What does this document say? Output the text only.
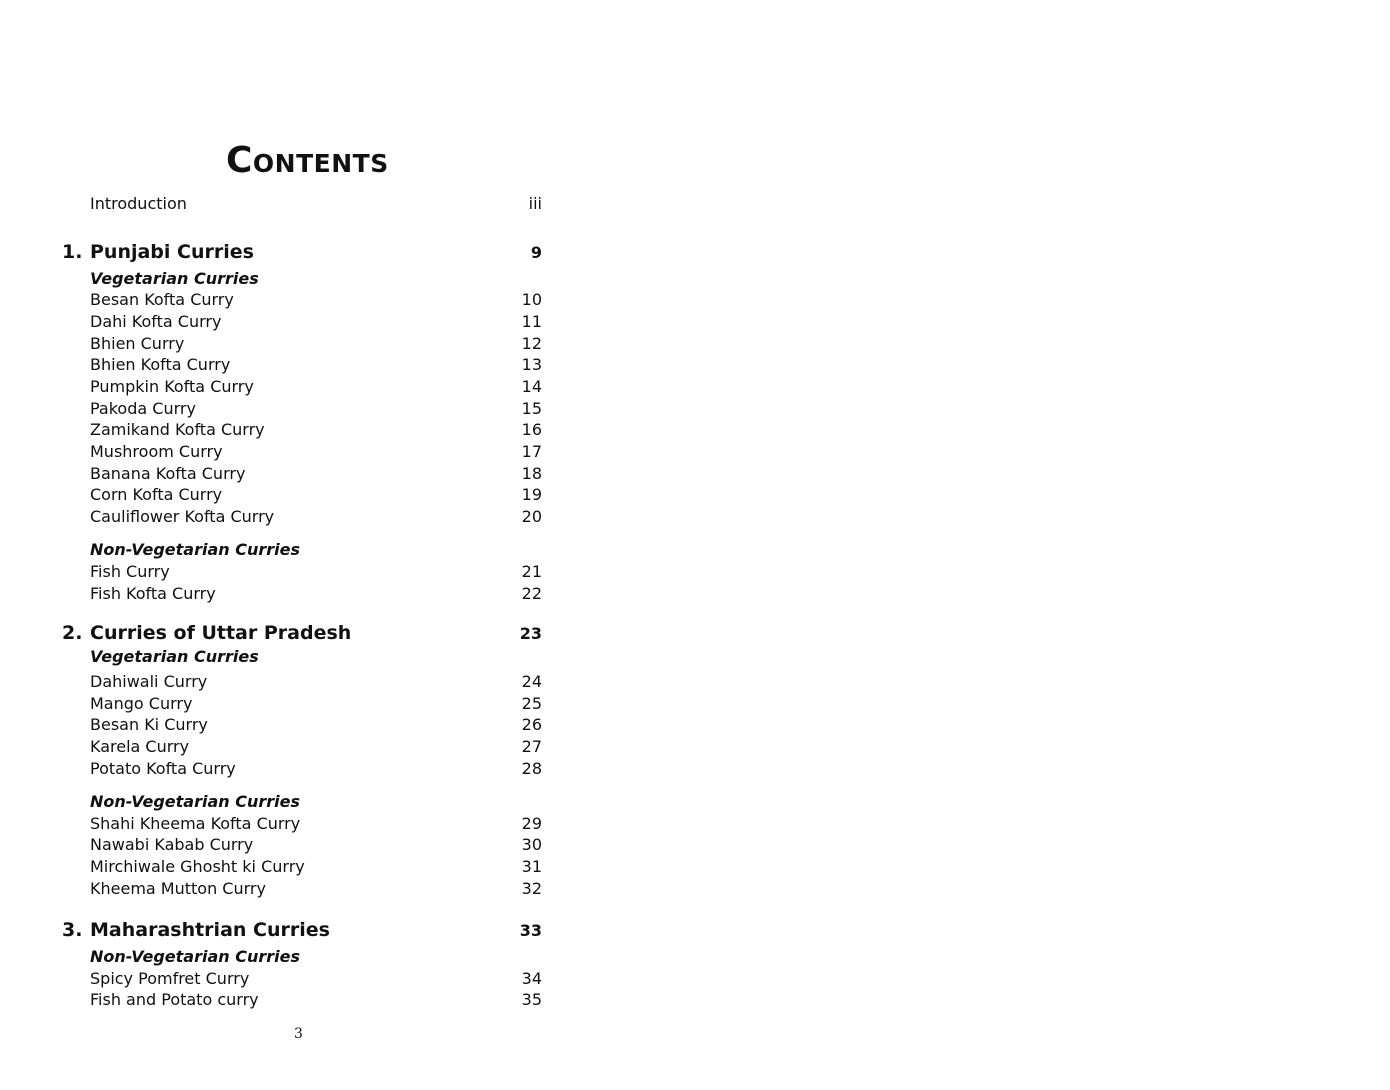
Contents
Introduction	iii
1. Punjabi Curries	9
Vegetarian Curries
Besan Kofta Curry	10
Dahi Kofta Curry	11
Bhien Curry	12
Bhien Kofta Curry	13
Pumpkin Kofta Curry	14
Pakoda Curry	15
Zamikand Kofta Curry	16
Mushroom Curry	17
Banana Kofta Curry	18
Corn Kofta Curry	19
Cauliflower Kofta Curry	20
Non-Vegetarian Curries
Fish Curry	21
Fish Kofta Curry	22
2. Curries of Uttar Pradesh	23
Vegetarian Curries
Dahiwali Curry	24
Mango Curry	25
Besan Ki Curry	26
Karela Curry	27
Potato Kofta Curry	28
Non-Vegetarian Curries
Shahi Kheema Kofta Curry	29
Nawabi Kabab Curry	30
Mirchiwale Ghosht ki Curry	31
Kheema Mutton Curry	32
3. Maharashtrian Curries	33
Non-Vegetarian Curries
Spicy Pomfret Curry	34
Fish and Potato curry	35
3
